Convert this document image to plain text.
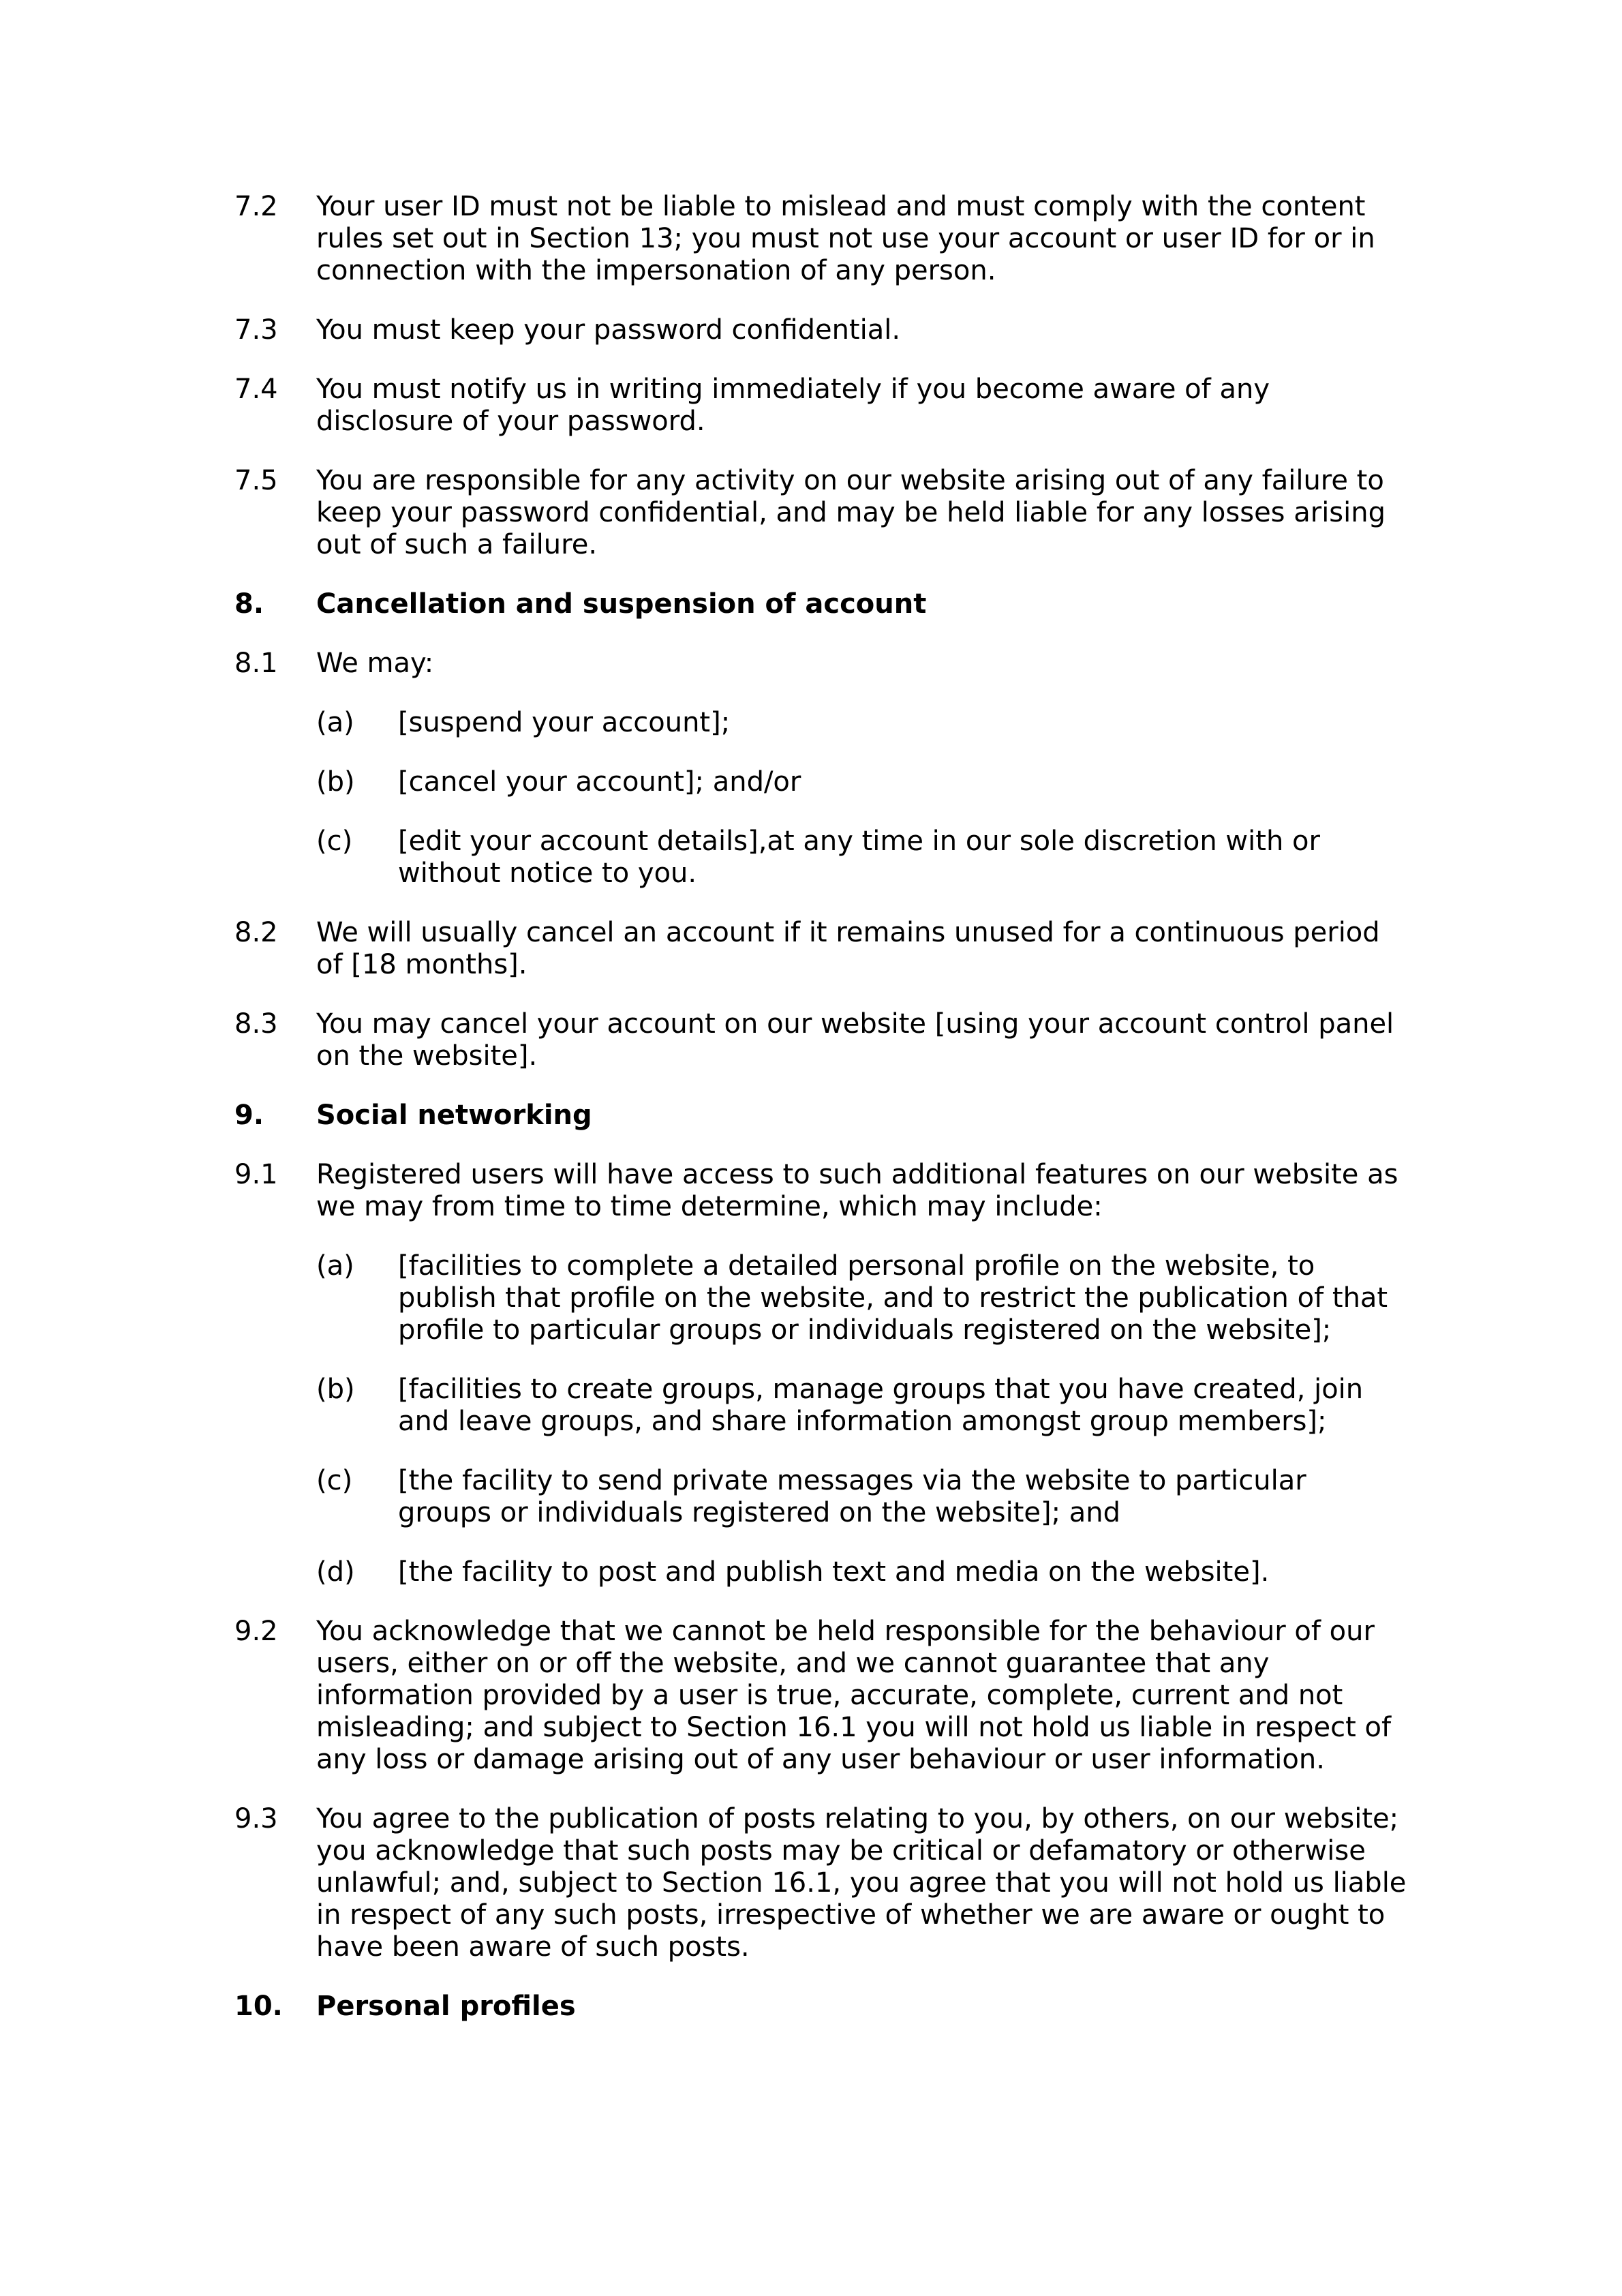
7.2 Your user ID must not be liable to mislead and must comply with the content rules set out in Section 13; you must not use your account or user ID for or in connection with the impersonation of any person.
7.3 You must keep your password confidential.
7.4 You must notify us in writing immediately if you become aware of any disclosure of your password.
7.5 You are responsible for any activity on our website arising out of any failure to keep your password confidential, and may be held liable for any losses arising out of such a failure.
8. Cancellation and suspension of account
8.1 We may:
(a) [suspend your account];
(b) [cancel your account]; and/or
(c) [edit your account details],at any time in our sole discretion with or without notice to you.
8.2 We will usually cancel an account if it remains unused for a continuous period of [18 months].
8.3 You may cancel your account on our website [using your account control panel on the website].
9. Social networking
9.1 Registered users will have access to such additional features on our website as we may from time to time determine, which may include:
(a) [facilities to complete a detailed personal profile on the website, to publish that profile on the website, and to restrict the publication of that profile to particular groups or individuals registered on the website];
(b) [facilities to create groups, manage groups that you have created, join and leave groups, and share information amongst group members];
(c) [the facility to send private messages via the website to particular groups or individuals registered on the website]; and
(d) [the facility to post and publish text and media on the website].
9.2 You acknowledge that we cannot be held responsible for the behaviour of our users, either on or off the website, and we cannot guarantee that any information provided by a user is true, accurate, complete, current and not misleading; and subject to Section 16.1 you will not hold us liable in respect of any loss or damage arising out of any user behaviour or user information.
9.3 You agree to the publication of posts relating to you, by others, on our website; you acknowledge that such posts may be critical or defamatory or otherwise unlawful; and, subject to Section 16.1, you agree that you will not hold us liable in respect of any such posts, irrespective of whether we are aware or ought to have been aware of such posts.
10. Personal profiles
